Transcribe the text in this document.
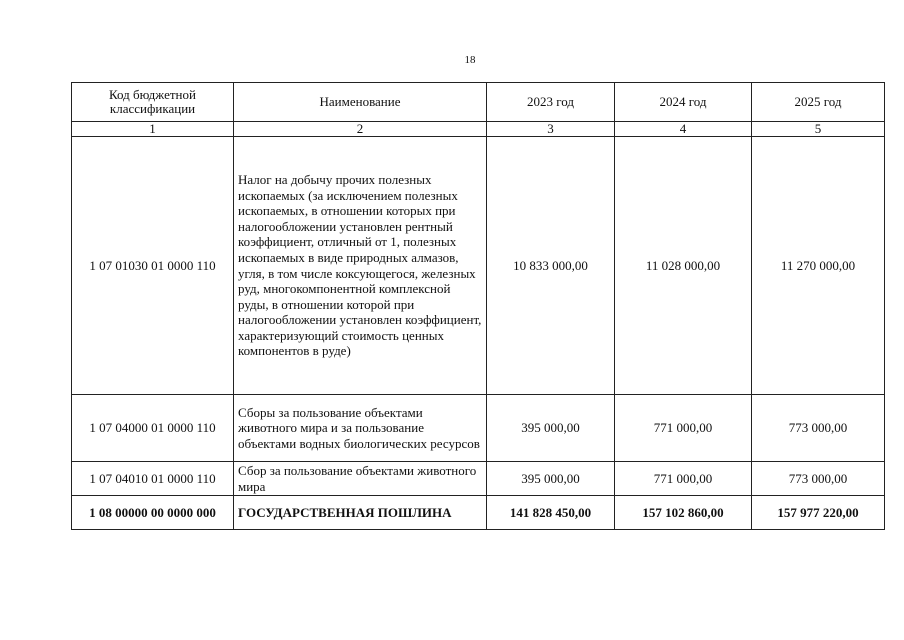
18
Код бюджетной классификации	Наименование	2023 год	2024 год	2025 год
1	2	3	4	5
1 07 01030 01 0000 110	Налог на добычу прочих полезных ископаемых (за исключением полезных ископаемых, в отношении которых при налогообложении установлен рентный коэффициент, отличный от 1, полезных ископаемых в виде природных алмазов, угля, в том числе коксующегося, железных руд, многокомпонентной комплексной руды, в отношении которой при налогообложении установлен коэффициент, характеризующий стоимость ценных компонентов в руде)	10 833 000,00	11 028 000,00	11 270 000,00
1 07 04000 01 0000 110	Сборы за пользование объектами животного мира и за пользование объектами водных биологических ресурсов	395 000,00	771 000,00	773 000,00
1 07 04010 01 0000 110	Сбор за пользование объектами животного мира	395 000,00	771 000,00	773 000,00
1 08 00000 00 0000 000	ГОСУДАРСТВЕННАЯ ПОШЛИНА	141 828 450,00	157 102 860,00	157 977 220,00
